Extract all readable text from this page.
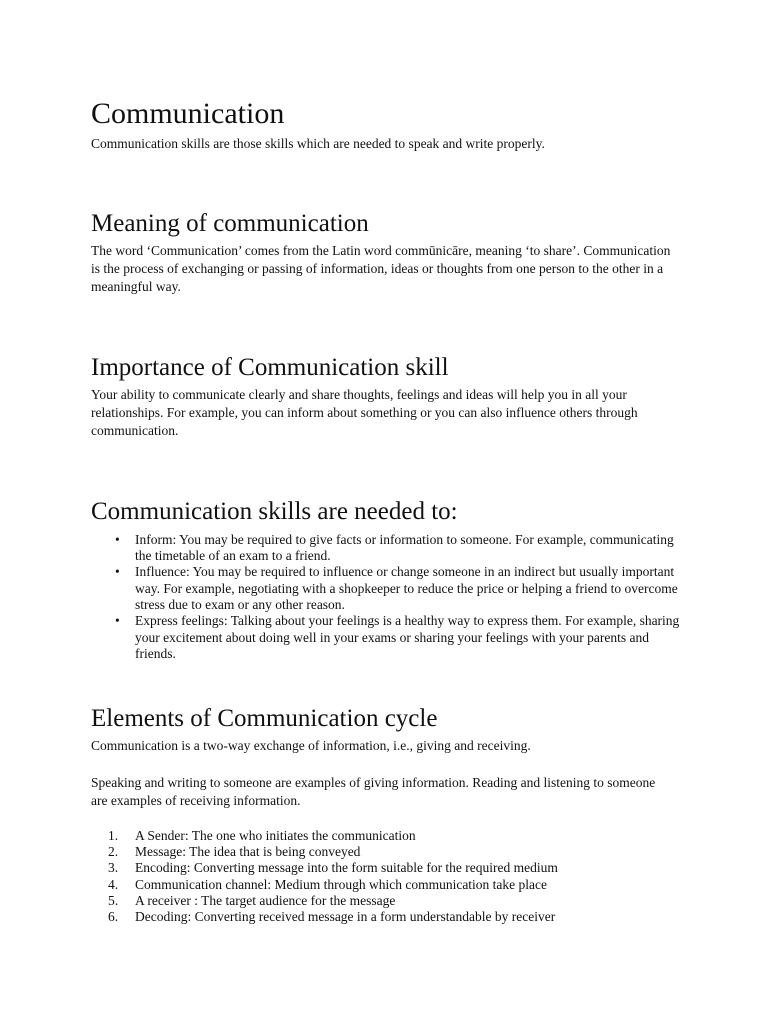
Communication

Communication skills are those skills which are needed to speak and write properly.

Meaning of communication

The word ‘Communication’ comes from the Latin word commūnicāre, meaning ‘to share’. Communication is the process of exchanging or passing of information, ideas or thoughts from one person to the other in a meaningful way.

Importance of Communication skill

Your ability to communicate clearly and share thoughts, feelings and ideas will help you in all your relationships. For example, you can inform about something or you can also influence others through communication.

Communication skills are needed to:
• Inform: You may be required to give facts or information to someone. For example, communicating the timetable of an exam to a friend.
• Influence: You may be required to influence or change someone in an indirect but usually important way. For example, negotiating with a shopkeeper to reduce the price or helping a friend to overcome stress due to exam or any other reason.
• Express feelings: Talking about your feelings is a healthy way to express them. For example, sharing your excitement about doing well in your exams or sharing your feelings with your parents and friends.
Elements of Communication cycle

Communication is a two-way exchange of information, i.e., giving and receiving.

Speaking and writing to someone are examples of giving information. Reading and listening to someone are examples of receiving information.

1. A Sender: The one who initiates the communication
2. Message: The idea that is being conveyed
3. Encoding: Converting message into the form suitable for the required medium
4. Communication channel: Medium through which communication take place
5. A receiver : The target audience for the message
6. Decoding: Converting received message in a form understandable by receiver
